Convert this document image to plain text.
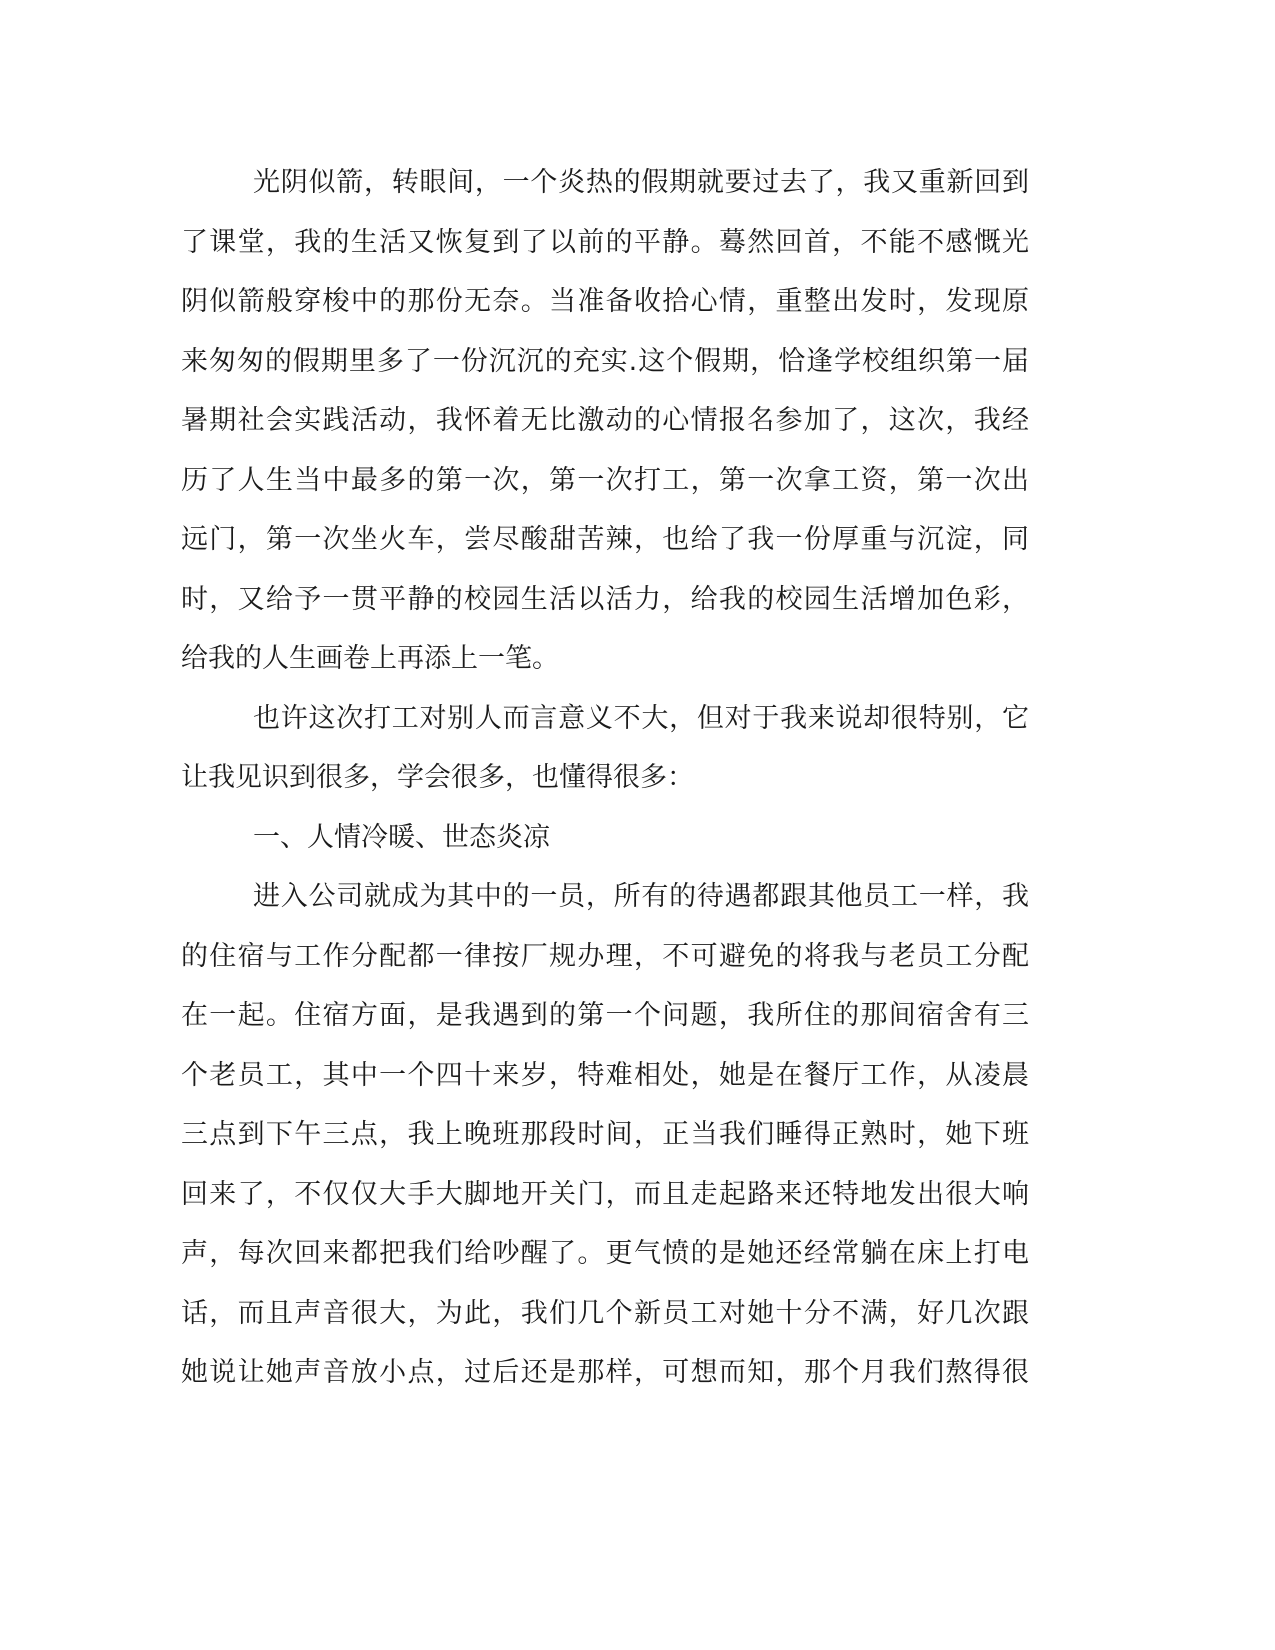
光阴似箭，转眼间，一个炎热的假期就要过去了，我又重新回到
了课堂，我的生活又恢复到了以前的平静。蓦然回首，不能不感慨光
阴似箭般穿梭中的那份无奈。当准备收拾心情，重整出发时，发现原
来匆匆的假期里多了一份沉沉的充实.这个假期，恰逢学校组织第一届
暑期社会实践活动，我怀着无比激动的心情报名参加了，这次，我经
历了人生当中最多的第一次，第一次打工，第一次拿工资，第一次出
远门，第一次坐火车，尝尽酸甜苦辣，也给了我一份厚重与沉淀，同
时，又给予一贯平静的校园生活以活力，给我的校园生活增加色彩，
给我的人生画卷上再添上一笔。
也许这次打工对别人而言意义不大，但对于我来说却很特别，它
让我见识到很多，学会很多，也懂得很多：
一、人情冷暖、世态炎凉
进入公司就成为其中的一员，所有的待遇都跟其他员工一样，我
的住宿与工作分配都一律按厂规办理，不可避免的将我与老员工分配
在一起。住宿方面，是我遇到的第一个问题，我所住的那间宿舍有三
个老员工，其中一个四十来岁，特难相处，她是在餐厅工作，从凌晨
三点到下午三点，我上晚班那段时间，正当我们睡得正熟时，她下班
回来了，不仅仅大手大脚地开关门，而且走起路来还特地发出很大响
声，每次回来都把我们给吵醒了。更气愤的是她还经常躺在床上打电
话，而且声音很大，为此，我们几个新员工对她十分不满，好几次跟
她说让她声音放小点，过后还是那样，可想而知，那个月我们熬得很
